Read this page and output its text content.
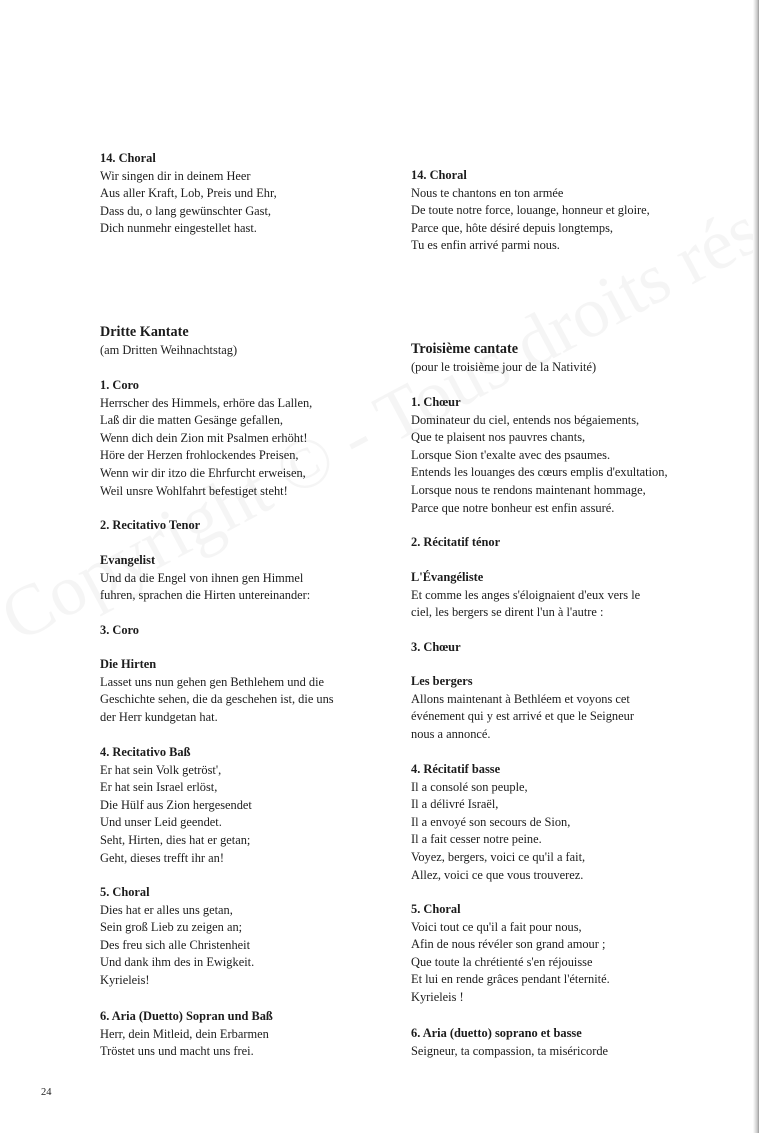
14. Choral
Wir singen dir in deinem Heer
Aus aller Kraft, Lob, Preis und Ehr,
Dass du, o lang gewünschter Gast,
Dich nunmehr eingestellet hast.
Dritte Kantate
(am Dritten Weihnachtstag)
1. Coro
Herrscher des Himmels, erhöre das Lallen,
Laß dir die matten Gesänge gefallen,
Wenn dich dein Zion mit Psalmen erhöht!
Höre der Herzen frohlockendes Preisen,
Wenn wir dir itzo die Ehrfurcht erweisen,
Weil unsre Wohlfahrt befestiget steht!
2. Recitativo Tenor
Evangelist
Und da die Engel von ihnen gen Himmel
fuhren, sprachen die Hirten untereinander:
3. Coro
Die Hirten
Lasset uns nun gehen gen Bethlehem und die
Geschichte sehen, die da geschehen ist, die uns
der Herr kundgetan hat.
4. Recitativo Baß
Er hat sein Volk getröst',
Er hat sein Israel erlöst,
Die Hülf aus Zion hergesendet
Und unser Leid geendet.
Seht, Hirten, dies hat er getan;
Geht, dieses trefft ihr an!
5. Choral
Dies hat er alles uns getan,
Sein groß Lieb zu zeigen an;
Des freu sich alle Christenheit
Und dank ihm des in Ewigkeit.
Kyrieleis!
6. Aria (Duetto) Sopran und Baß
Herr, dein Mitleid, dein Erbarmen
Tröstet uns und macht uns frei.
14. Choral
Nous te chantons en ton armée
De toute notre force, louange, honneur et gloire,
Parce que, hôte désiré depuis longtemps,
Tu es enfin arrivé parmi nous.
Troisième cantate
(pour le troisième jour de la Nativité)
1. Chœur
Dominateur du ciel, entends nos bégaiements,
Que te plaisent nos pauvres chants,
Lorsque Sion t'exalte avec des psaumes.
Entends les louanges des cœurs emplis d'exultation,
Lorsque nous te rendons maintenant hommage,
Parce que notre bonheur est enfin assuré.
2. Récitatif ténor
L'Évangéliste
Et comme les anges s'éloignaient d'eux vers le
ciel, les bergers se dirent l'un à l'autre :
3. Chœur
Les bergers
Allons maintenant à Bethléem et voyons cet
événement qui y est arrivé et que le Seigneur
nous a annoncé.
4. Récitatif basse
Il a consolé son peuple,
Il a délivré Israël,
Il a envoyé son secours de Sion,
Il a fait cesser notre peine.
Voyez, bergers, voici ce qu'il a fait,
Allez, voici ce que vous trouverez.
5. Choral
Voici tout ce qu'il a fait pour nous,
Afin de nous révéler son grand amour ;
Que toute la chrétienté s'en réjouisse
Et lui en rende grâces pendant l'éternité.
Kyrieleis !
6. Aria (duetto) soprano et basse
Seigneur, ta compassion, ta miséricorde
24
